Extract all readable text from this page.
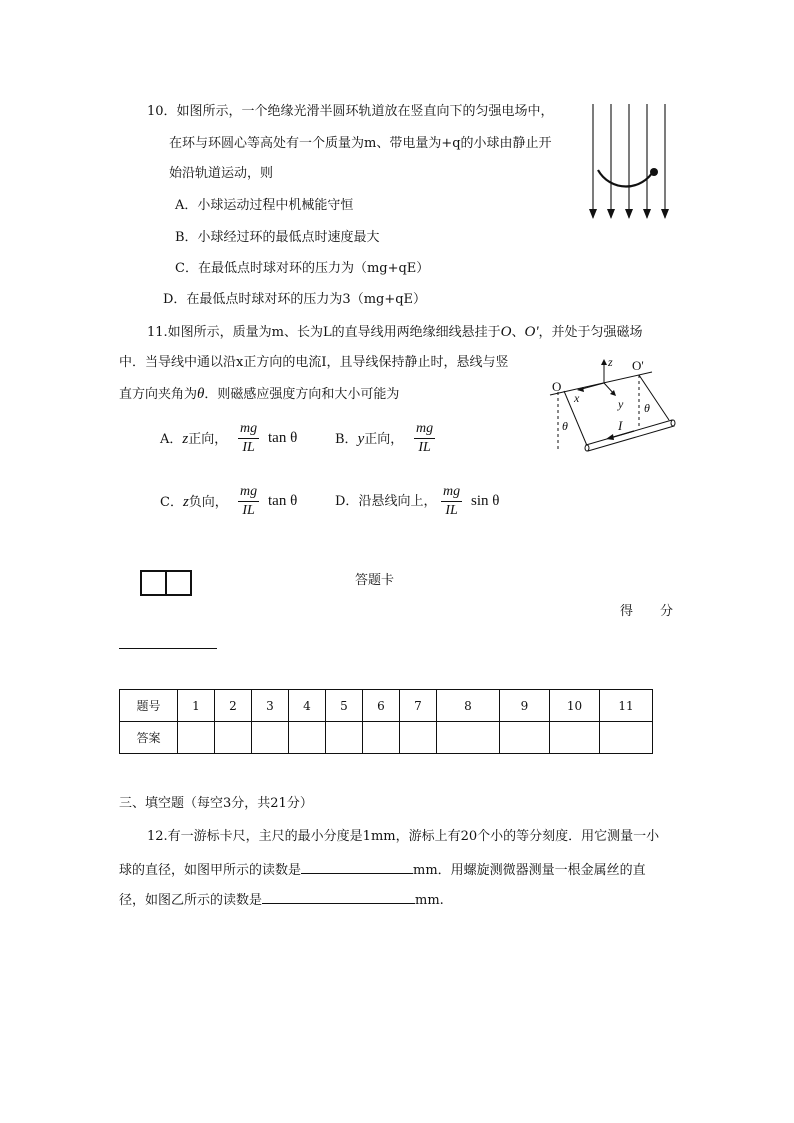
10．如图所示，一个绝缘光滑半圆环轨道放在竖直向下的匀强电场中，
在环与环圆心等高处有一个质量为m、带电量为+q的小球由静止开
始沿轨道运动，则
A．小球运动过程中机械能守恒
B．小球经过环的最低点时速度最大
C．在最低点时球对环的压力为（mg+qE）
D．在最低点时球对环的压力为3（mg+qE）
11.如图所示，质量为m、长为L的直导线用两绝缘细线悬挂于O、O'，并处于匀强磁场
中．当导线中通以沿x正方向的电流I，且导线保持静止时，悬线与竖
直方向夹角为θ．则磁感应强度方向和大小可能为
O
O'
z
x	y
θ
θ
I
A．z正向， $\frac{mg}{IL}$ tan θ	B．y正向， $\frac{mg}{IL}$
C．z负向， $\frac{mg}{IL}$ tan θ	D．沿悬线向上， $\frac{mg}{IL}$ sin θ
答题卡
得 分
题号	1	2	3	4	5	6	7	8	9	10	11
答案											
三、填空题（每空3分，共21分）
12.有一游标卡尺，主尺的最小分度是1mm，游标上有20个小的等分刻度．用它测量一小
球的直径，如图甲所示的读数是	mm．用螺旋测微器测量一根金属丝的直
径，如图乙所示的读数是	mm.
